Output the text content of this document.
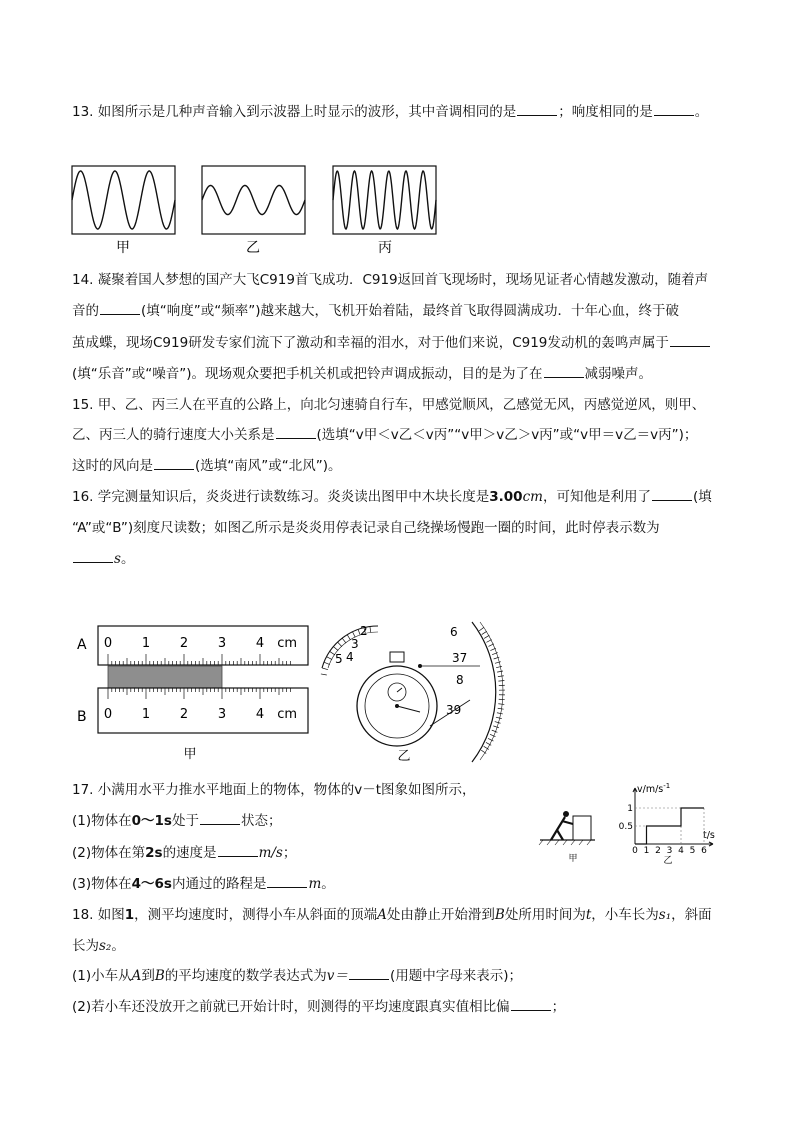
13. 如图所示是几种声音输入到示波器上时显示的波形，其中音调相同的是	；响度相同的是	。
甲	乙	丙
14. 凝聚着国人梦想的国产大飞C919首飞成功．C919返回首飞现场时，现场见证者心情越发激动，随着声
音的	(填“响度”或“频率”)越来越大，飞机开始着陆，最终首飞取得圆满成功．十年心血，终于破
茧成蝶，现场C919研发专家们流下了激动和幸福的泪水，对于他们来说，C919发动机的轰鸣声属于
(填“乐音”或“噪音”)。现场观众要把手机关机或把铃声调成振动，目的是为了在	减弱噪声。
15. 甲、乙、丙三人在平直的公路上，向北匀速骑自行车，甲感觉顺风，乙感觉无风，丙感觉逆风，则甲、
乙、丙三人的骑行速度大小关系是	(选填“v甲＜v乙＜v丙”“v甲＞v乙＞v丙”或“v甲＝v乙＝v丙”)；
这时的风向是	(选填“南风”或“北风”)。
16. 学完测量知识后，炎炎进行读数练习。炎炎读出图甲中木块长度是3.00cm，可知他是利用了	(填
“A”或“B”)刻度尺读数；如图乙所示是炎炎用停表记录自己绕操场慢跑一圈的时间，此时停表示数为
s。
A 0 1 2 3 4 cm
B 0 1 2 3 4 cm
甲
2
3
4
5
6
37
8
39
乙
17. 小满用水平力推水平地面上的物体，物体的v－t图象如图所示，
(1)物体在0～1s处于	状态；
(2)物体在第2s的速度是	m/s；
(3)物体在4～6s内通过的路程是	m。
甲
$v/m/s^{-1}$
t/s
乙
0 1 2 3 4 5 6
0.5
1
18. 如图1，测平均速度时，测得小车从斜面的顶端A处由静止开始滑到B处所用时间为t，小车长为s₁，斜面
长为s₂。
(1)小车从A到B的平均速度的数学表达式为v＝	(用题中字母来表示)；
(2)若小车还没放开之前就已开始计时，则测得的平均速度跟真实值相比偏	；
